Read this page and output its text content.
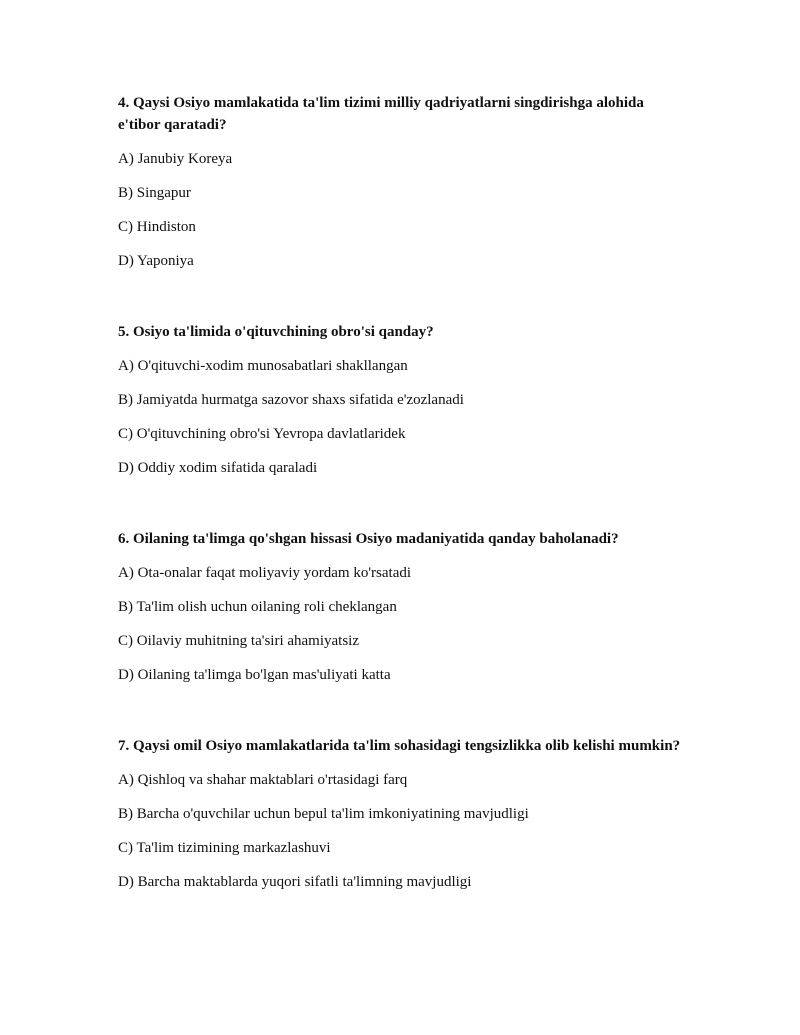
4. Qaysi Osiyo mamlakatida ta'lim tizimi milliy qadriyatlarni singdirishga alohida e'tibor qaratadi?
A) Janubiy Koreya
B) Singapur
C) Hindiston
D) Yaponiya
5. Osiyo ta'limida o'qituvchining obro'si qanday?
A) O'qituvchi-xodim munosabatlari shakllangan
B) Jamiyatda hurmatga sazovor shaxs sifatida e'zozlanadi
C) O'qituvchining obro'si Yevropa davlatlaridek
D) Oddiy xodim sifatida qaraladi
6. Oilaning ta'limga qo'shgan hissasi Osiyo madaniyatida qanday baholanadi?
A) Ota-onalar faqat moliyaviy yordam ko'rsatadi
B) Ta'lim olish uchun oilaning roli cheklangan
C) Oilaviy muhitning ta'siri ahamiyatsiz
D) Oilaning ta'limga bo'lgan mas'uliyati katta
7. Qaysi omil Osiyo mamlakatlarida ta'lim sohasidagi tengsizlikka olib kelishi mumkin?
A) Qishloq va shahar maktablari o'rtasidagi farq
B) Barcha o'quvchilar uchun bepul ta'lim imkoniyatining mavjudligi
C) Ta'lim tizimining markazlashuvi
D) Barcha maktablarda yuqori sifatli ta'limning mavjudligi
